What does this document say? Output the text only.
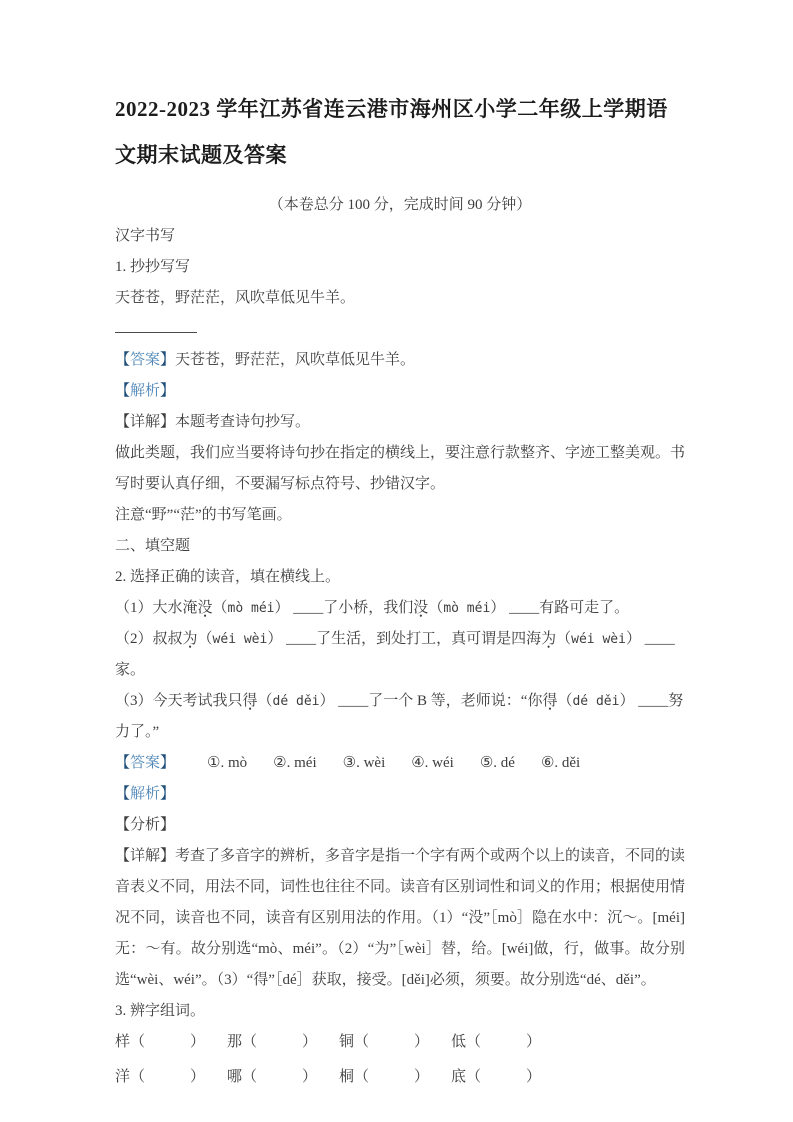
2022-2023 学年江苏省连云港市海州区小学二年级上学期语文期末试题及答案

（本卷总分 100 分，完成时间 90 分钟）

汉字书写

1. 抄抄写写

天苍苍，野茫茫，风吹草低见牛羊。

【答案】天苍苍，野茫茫，风吹草低见牛羊。

【解析】

【详解】本题考查诗句抄写。

做此类题，我们应当要将诗句抄在指定的横线上，要注意行款整齐、字迹工整美观。书写时要认真仔细，不要漏写标点符号、抄错汉字。

注意“野”“茫”的书写笔画。

二、填空题

2. 选择正确的读音，填在横线上。

（1）大水淹没（mò méi） ____了小桥，我们没（mò méi） ____有路可走了。

（2）叔叔为（wéi wèi） ____了生活，到处打工，真可谓是四海为（wéi wèi） ____家。

（3）今天考试我只得（dé děi） ____了一个 B 等，老师说：“你得（dé děi） ____努力了。”

【答案】 ①. mò ②. méi ③. wèi ④. wéi ⑤. dé ⑥. děi

【解析】

【分析】

【详解】考查了多音字的辨析，多音字是指一个字有两个或两个以上的读音，不同的读音表义不同，用法不同，词性也往往不同。读音有区别词性和词义的作用；根据使用情况不同，读音也不同，读音有区别用法的作用。（1）“没”［mò］隐在水中：沉～。[méi]无：～有。故分别选“mò、méi”。（2）“为”［wèi］替，给。[wéi]做，行，做事。故分别选“wèi、wéi”。（3）“得”［dé］获取，接受。[děi]必须，须要。故分别选“dé、děi”。

3. 辨字组词。

样（　　　） 那（　　　） 铜（　　　） 低（　　　）

洋（　　　） 哪（　　　） 桐（　　　） 底（　　　）
